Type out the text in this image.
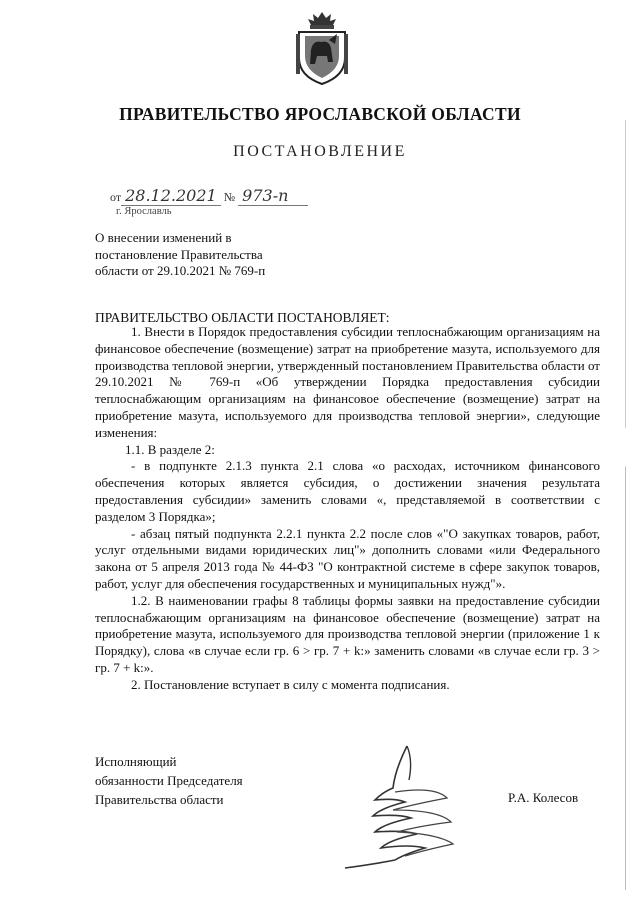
ПРАВИТЕЛЬСТВО ЯРОСЛАВСКОЙ ОБЛАСТИ
ПОСТАНОВЛЕНИЕ
от 28.12.2021 № 973-п
г. Ярославль
О внесении изменений в
постановление Правительства
области от 29.10.2021 № 769-п
ПРАВИТЕЛЬСТВО ОБЛАСТИ ПОСТАНОВЛЯЕТ:

1. Внести в Порядок предоставления субсидии теплоснабжающим организациям на финансовое обеспечение (возмещение) затрат на приобретение мазута, используемого для производства тепловой энергии, утвержденный постановлением Правительства области от 29.10.2021 № 769-п «Об утверждении Порядка предоставления субсидии теплоснабжающим организациям на финансовое обеспечение (возмещение) затрат на приобретение мазута, используемого для производства тепловой энергии», следующие изменения:

1.1. В разделе 2:

- в подпункте 2.1.3 пункта 2.1 слова «о расходах, источником финансового обеспечения которых является субсидия, о достижении значения результата предоставления субсидии» заменить словами «, представляемой в соответствии с разделом 3 Порядка»;

- абзац пятый подпункта 2.2.1 пункта 2.2 после слов «"О закупках товаров, работ, услуг отдельными видами юридических лиц"» дополнить словами «или Федерального закона от 5 апреля 2013 года № 44-ФЗ "О контрактной системе в сфере закупок товаров, работ, услуг для обеспечения государственных и муниципальных нужд"».

1.2. В наименовании графы 8 таблицы формы заявки на предоставление субсидии теплоснабжающим организациям на финансовое обеспечение (возмещение) затрат на приобретение мазута, используемого для производства тепловой энергии (приложение 1 к Порядку), слова «в случае если гр. 6 > гр. 7 + k:» заменить словами «в случае если гр. 3 > гр. 7 + k:».

2. Постановление вступает в силу с момента подписания.

Исполняющий
обязанности Председателя
Правительства области	Р.А. Колесов
